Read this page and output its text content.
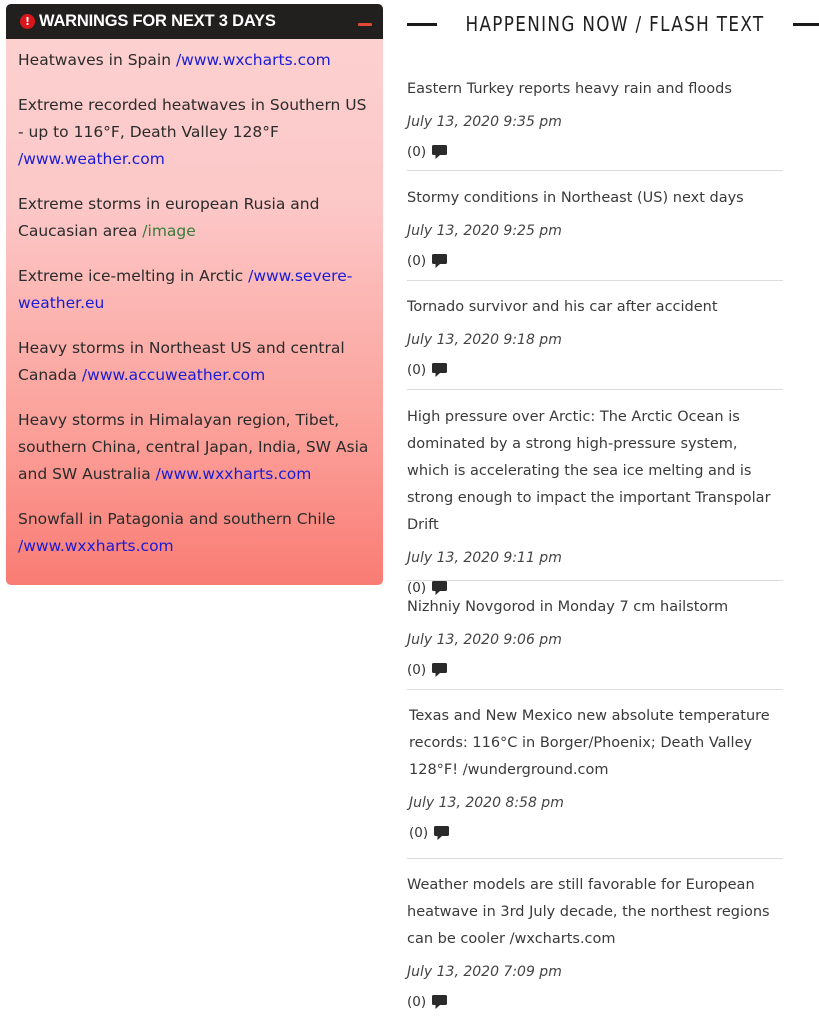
! WARNINGS FOR NEXT 3 DAYS
Heatwaves in Spain /www.wxcharts.com
Extreme recorded heatwaves in Southern US - up to 116°F, Death Valley 128°F /www.weather.com
Extreme storms in european Rusia and Caucasian area /image
Extreme ice-melting in Arctic /www.severe-weather.eu
Heavy storms in Northeast US and central Canada /www.accuweather.com
Heavy storms in Himalayan region, Tibet, southern China, central Japan, India, SW Asia and SW Australia /www.wxxharts.com
Snowfall in Patagonia and southern Chile /www.wxxharts.com
HAPPENING NOW / FLASH TEXT

Eastern Turkey reports heavy rain and floods

July 13, 2020 9:35 pm

(0)

Stormy conditions in Northeast (US) next days

July 13, 2020 9:25 pm

(0)

Tornado survivor and his car after accident

July 13, 2020 9:18 pm

(0)

High pressure over Arctic: The Arctic Ocean is dominated by a strong high-pressure system, which is accelerating the sea ice melting and is strong enough to impact the important Transpolar Drift

July 13, 2020 9:11 pm

(0)

Nizhniy Novgorod in Monday 7 cm hailstorm

July 13, 2020 9:06 pm

(0)

Texas and New Mexico new absolute temperature records: 116°C in Borger/Phoenix; Death Valley 128°F! /wunderground.com

July 13, 2020 8:58 pm

(0)

Weather models are still favorable for European heatwave in 3rd July decade, the northest regions can be cooler /wxcharts.com

July 13, 2020 7:09 pm

(0)
